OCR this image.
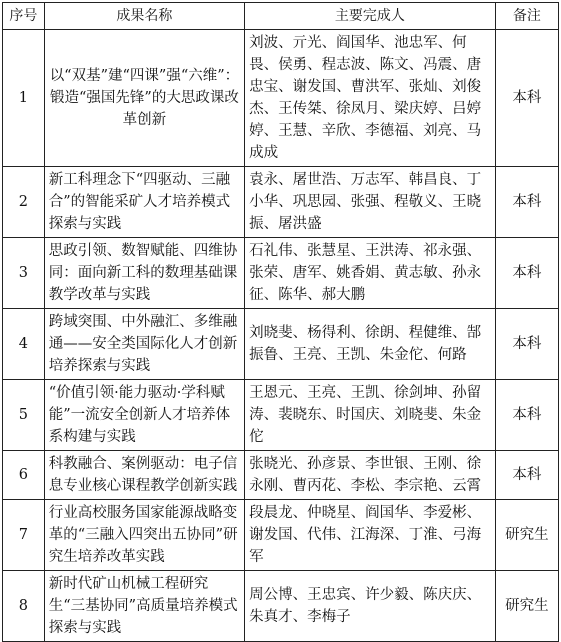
序号	成果名称	主要完成人	备注
1	以“双基”建“四课”强“六维”：锻造“强国先锋”的大思政课改革创新	刘波、亓光、阎国华、池忠军、何畏、侯勇、程志波、陈文、冯震、唐忠宝、谢发国、曹洪军、张灿、刘俊杰、王传桀、徐凤月、梁庆婷、吕婷婷、王慧、辛欣、李德福、刘亮、马成成	本科
2	新工科理念下“四驱动、三融合”的智能采矿人才培养模式探索与实践	袁永、屠世浩、万志军、韩昌良、丁小华、巩思园、张强、程敬义、王晓振、屠洪盛	本科
3	思政引领、数智赋能、四维协同：面向新工科的数理基础课教学改革与实践	石礼伟、张慧星、王洪涛、祁永强、张荣、唐军、姚香娟、黄志敏、孙永征、陈华、郝大鹏	本科
4	跨域突围、中外融汇、多维融通——安全类国际化人才创新培养探索与实践	刘晓斐、杨得利、徐朗、程健维、郜振鲁、王亮、王凯、朱金佗、何路	本科
5	“价值引领·能力驱动·学科赋能”一流安全创新人才培养体系构建与实践	王恩元、王亮、王凯、徐剑坤、孙留涛、裴晓东、时国庆、刘晓斐、朱金佗	本科
6	科教融合、案例驱动：电子信息专业核心课程教学创新实践	张晓光、孙彦景、李世银、王刚、徐永刚、曹丙花、李松、李宗艳、云霄	本科
7	行业高校服务国家能源战略变革的“三融入四突出五协同”研究生培养改革实践	段晨龙、仲晓星、阎国华、李爱彬、谢发国、代伟、江海深、丁淮、弓海军	研究生
8	新时代矿山机械工程研究生“三基协同”高质量培养模式探索与实践	周公博、王忠宾、许少毅、陈庆庆、朱真才、李梅子	研究生
